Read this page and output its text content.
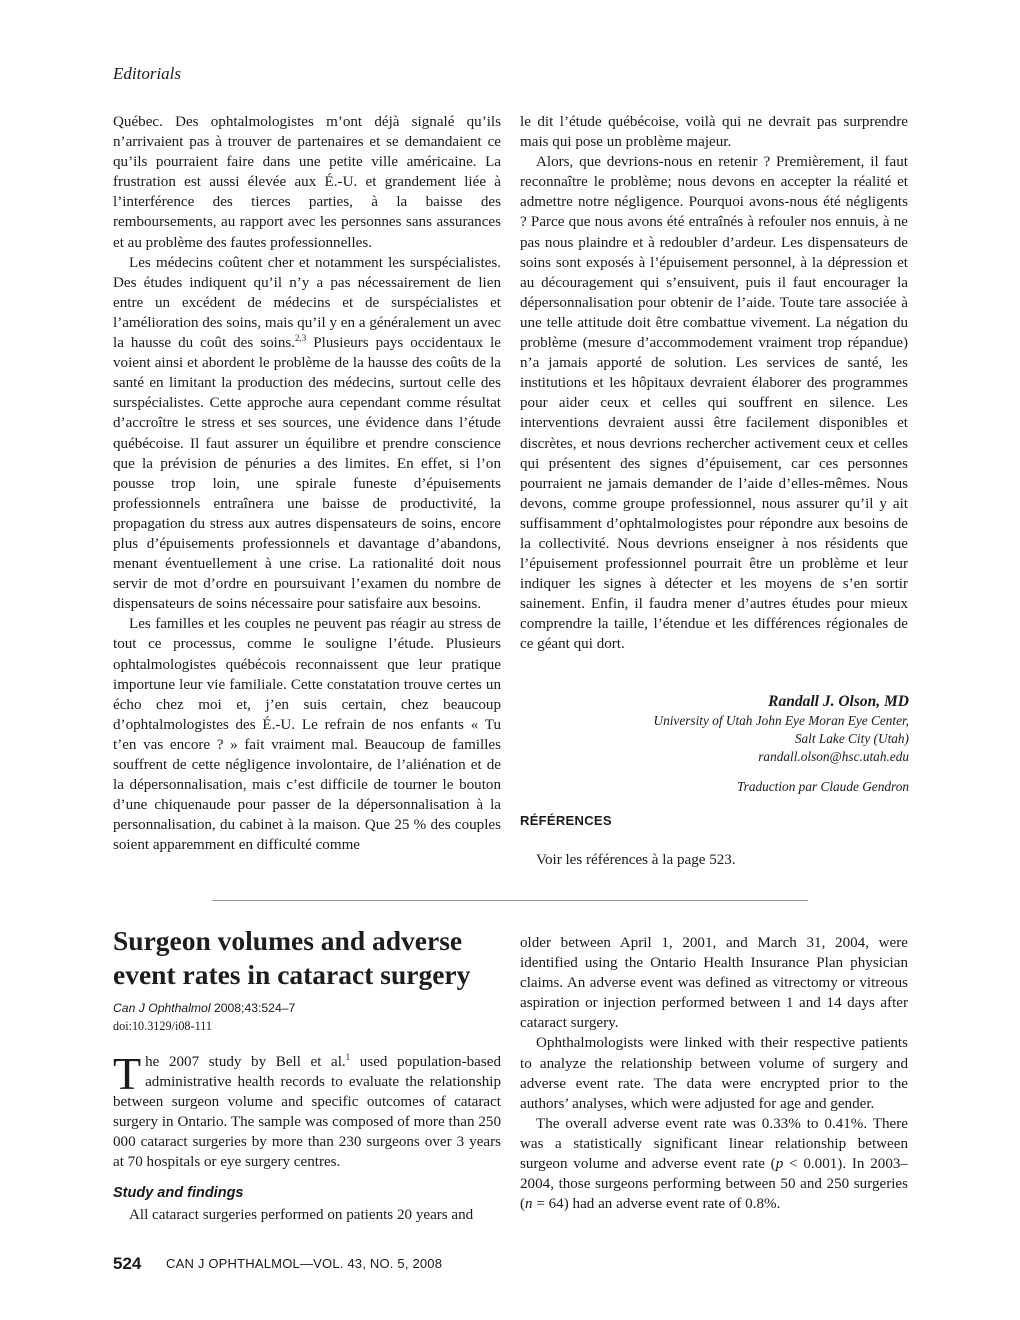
Editorials

Québec. Des ophtalmologistes m’ont déjà signalé qu’ils n’arrivaient pas à trouver de partenaires et se demandaient ce qu’ils pourraient faire dans une petite ville américaine. La frustration est aussi élevée aux É.-U. et grandement liée à l’interférence des tierces parties, à la baisse des remboursements, au rapport avec les personnes sans assurances et au problème des fautes professionnelles.

Les médecins coûtent cher et notamment les surspécialistes. Des études indiquent qu’il n’y a pas nécessairement de lien entre un excédent de médecins et de surspécialistes et l’amélioration des soins, mais qu’il y en a généralement un avec la hausse du coût des soins.$^{2,3}$ Plusieurs pays occidentaux le voient ainsi et abordent le problème de la hausse des coûts de la santé en limitant la production des médecins, surtout celle des surspécialistes. Cette approche aura cependant comme résultat d’accroître le stress et ses sources, une évidence dans l’étude québécoise. Il faut assurer un équilibre et prendre conscience que la prévision de pénuries a des limites. En effet, si l’on pousse trop loin, une spirale funeste d’épuisements professionnels entraînera une baisse de productivité, la propagation du stress aux autres dispensateurs de soins, encore plus d’épuisements professionnels et davantage d’abandons, menant éventuellement à une crise. La rationalité doit nous servir de mot d’ordre en poursuivant l’examen du nombre de dispensateurs de soins nécessaire pour satisfaire aux besoins.

Les familles et les couples ne peuvent pas réagir au stress de tout ce processus, comme le souligne l’étude. Plusieurs ophtalmologistes québécois reconnaissent que leur pratique importune leur vie familiale. Cette constatation trouve certes un écho chez moi et, j’en suis certain, chez beaucoup d’ophtalmologistes des É.-U. Le refrain de nos enfants « Tu t’en vas encore ? » fait vraiment mal. Beaucoup de familles souffrent de cette négligence involontaire, de l’aliénation et de la dépersonnalisation, mais c’est difficile de tourner le bouton d’une chiquenaude pour passer de la dépersonnalisation à la personnalisation, du cabinet à la maison. Que 25 % des couples soient apparemment en difficulté comme

le dit l’étude québécoise, voilà qui ne devrait pas surprendre mais qui pose un problème majeur.

Alors, que devrions-nous en retenir ? Premièrement, il faut reconnaître le problème; nous devons en accepter la réalité et admettre notre négligence. Pourquoi avons-nous été négligents ? Parce que nous avons été entraînés à refouler nos ennuis, à ne pas nous plaindre et à redoubler d’ardeur. Les dispensateurs de soins sont exposés à l’épuisement personnel, à la dépression et au découragement qui s’ensuivent, puis il faut encourager la dépersonnalisation pour obtenir de l’aide. Toute tare associée à une telle attitude doit être combattue vivement. La négation du problème (mesure d’accommodement vraiment trop répandue) n’a jamais apporté de solution. Les services de santé, les institutions et les hôpitaux devraient élaborer des programmes pour aider ceux et celles qui souffrent en silence. Les interventions devraient aussi être facilement disponibles et discrètes, et nous devrions rechercher activement ceux et celles qui présentent des signes d’épuisement, car ces personnes pourraient ne jamais demander de l’aide d’elles-mêmes. Nous devons, comme groupe professionnel, nous assurer qu’il y ait suffisamment d’ophtalmologistes pour répondre aux besoins de la collectivité. Nous devrions enseigner à nos résidents que l’épuisement professionnel pourrait être un problème et leur indiquer les signes à détecter et les moyens de s’en sortir sainement. Enfin, il faudra mener d’autres études pour mieux comprendre la taille, l’étendue et les différences régionales de ce géant qui dort.

Randall J. Olson, MD
University of Utah John Eye Moran Eye Center,
Salt Lake City (Utah)
randall.olson@hsc.utah.edu
Traduction par Claude Gendron
RÉFÉRENCES
Voir les références à la page 523.
Surgeon volumes and adverse event rates in cataract surgery
Can J Ophthalmol 2008;43:524–7
doi:10.3129/i08-111

The 2007 study by Bell et al.$^1$ used population-based administrative health records to evaluate the relationship between surgeon volume and specific outcomes of cataract surgery in Ontario. The sample was composed of more than 250 000 cataract surgeries by more than 230 surgeons over 3 years at 70 hospitals or eye surgery centres.

Study and findings

All cataract surgeries performed on patients 20 years and

older between April 1, 2001, and March 31, 2004, were identified using the Ontario Health Insurance Plan physician claims. An adverse event was defined as vitrectomy or vitreous aspiration or injection performed between 1 and 14 days after cataract surgery.

Ophthalmologists were linked with their respective patients to analyze the relationship between volume of surgery and adverse event rate. The data were encrypted prior to the authors’ analyses, which were adjusted for age and gender.

The overall adverse event rate was 0.33% to 0.41%. There was a statistically significant linear relationship between surgeon volume and adverse event rate (p < 0.001). In 2003–2004, those surgeons performing between 50 and 250 surgeries (n = 64) had an adverse event rate of 0.8%.

524 CAN J OPHTHALMOL—VOL. 43, NO. 5, 2008
